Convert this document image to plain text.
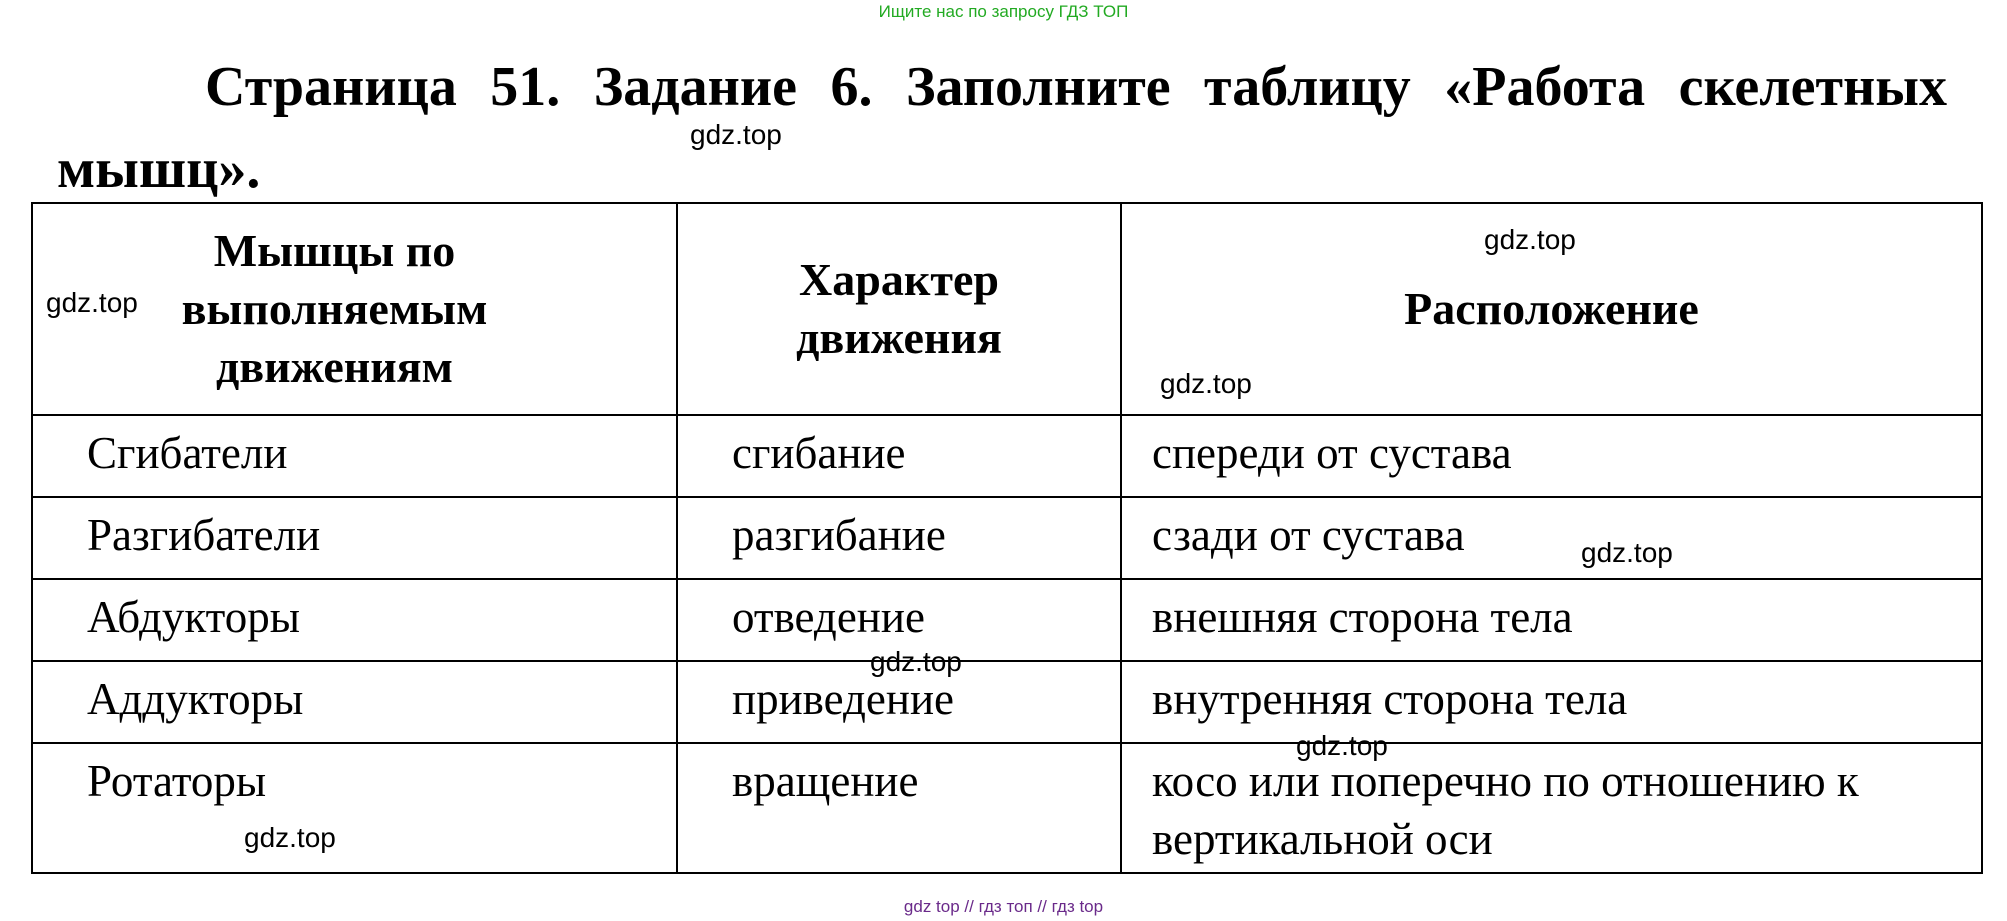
Ищите нас по запросу ГДЗ ТОП

Страница 51. Задание 6. Заполните таблицу «Работа скелетных мышц».

Мышцы по выполняемым движениям	Характер движения	Расположение
Сгибатели	сгибание	спереди от сустава
Разгибатели	разгибание	сзади от сустава
Абдукторы	отведение	внешняя сторона тела
Аддукторы	приведение	внутренняя сторона тела
Ротаторы	вращение	косо или поперечно по отношению к вертикальной оси
gdz.top
gdz.top
gdz.top
gdz.top
gdz.top
gdz.top
gdz.top
gdz.top
gdz top // гдз топ // гдз top
